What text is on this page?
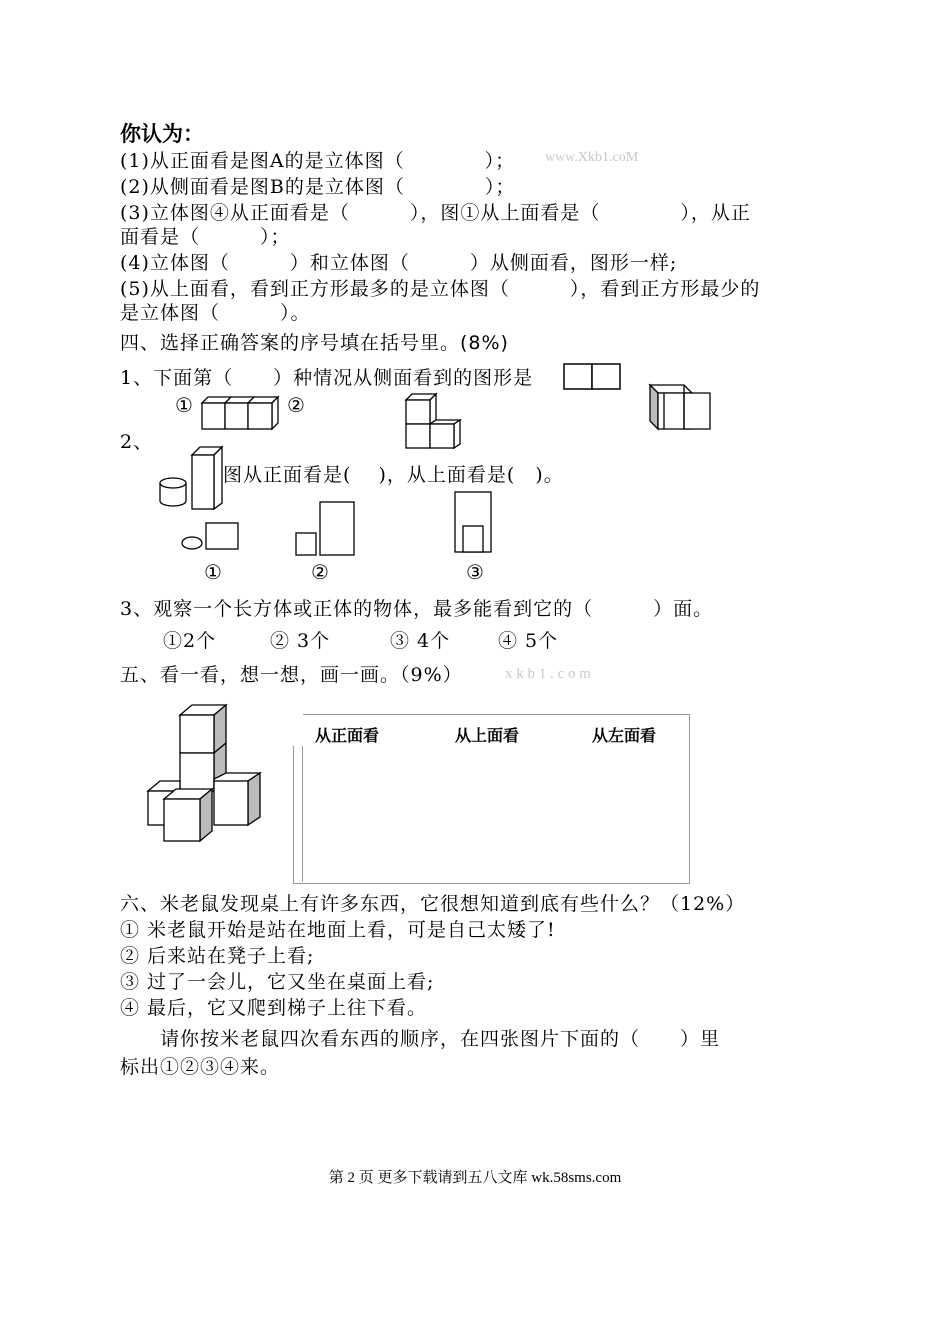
你认为：
(1)从正面看是图A的是立体图（　　　　）； www.Xkb1.coM
(2)从侧面看是图B的是立体图（　　　　）；
(3)立体图④从正面看是（　　　），图①从上面看是（　　　　），从正
面看是（　　　）；
(4)立体图（　　　）和立体图（　　　）从侧面看，图形一样;
(5)从上面看，看到正方形最多的是立体图（　　　），看到正方形最少的
是立体图（　　　）。
四、选择正确答案的序号填在括号里。(8%)
1、下面第（　　）种情况从侧面看到的图形是
①	②
2、
图从正面看是(　 )，从上面看是(　)。
①	②	③
3、观察一个长方体或正体的物体，最多能看到它的（　　　）面。
①2个	② 3个	③ 4个	④ 5个
五、看一看，想一想，画一画。（9%）	x k b 1 . c o m
从正面看	从上面看	从左面看
六、米老鼠发现桌上有许多东西，它很想知道到底有些什么？（12%）
① 米老鼠开始是站在地面上看，可是自己太矮了!
② 后来站在凳子上看;
③ 过了一会儿，它又坐在桌面上看;
④ 最后，它又爬到梯子上往下看。
　　请你按米老鼠四次看东西的顺序，在四张图片下面的（　　）里
标出①②③④来。
第 2 页 更多下载请到五八文库 wk.58sms.com
